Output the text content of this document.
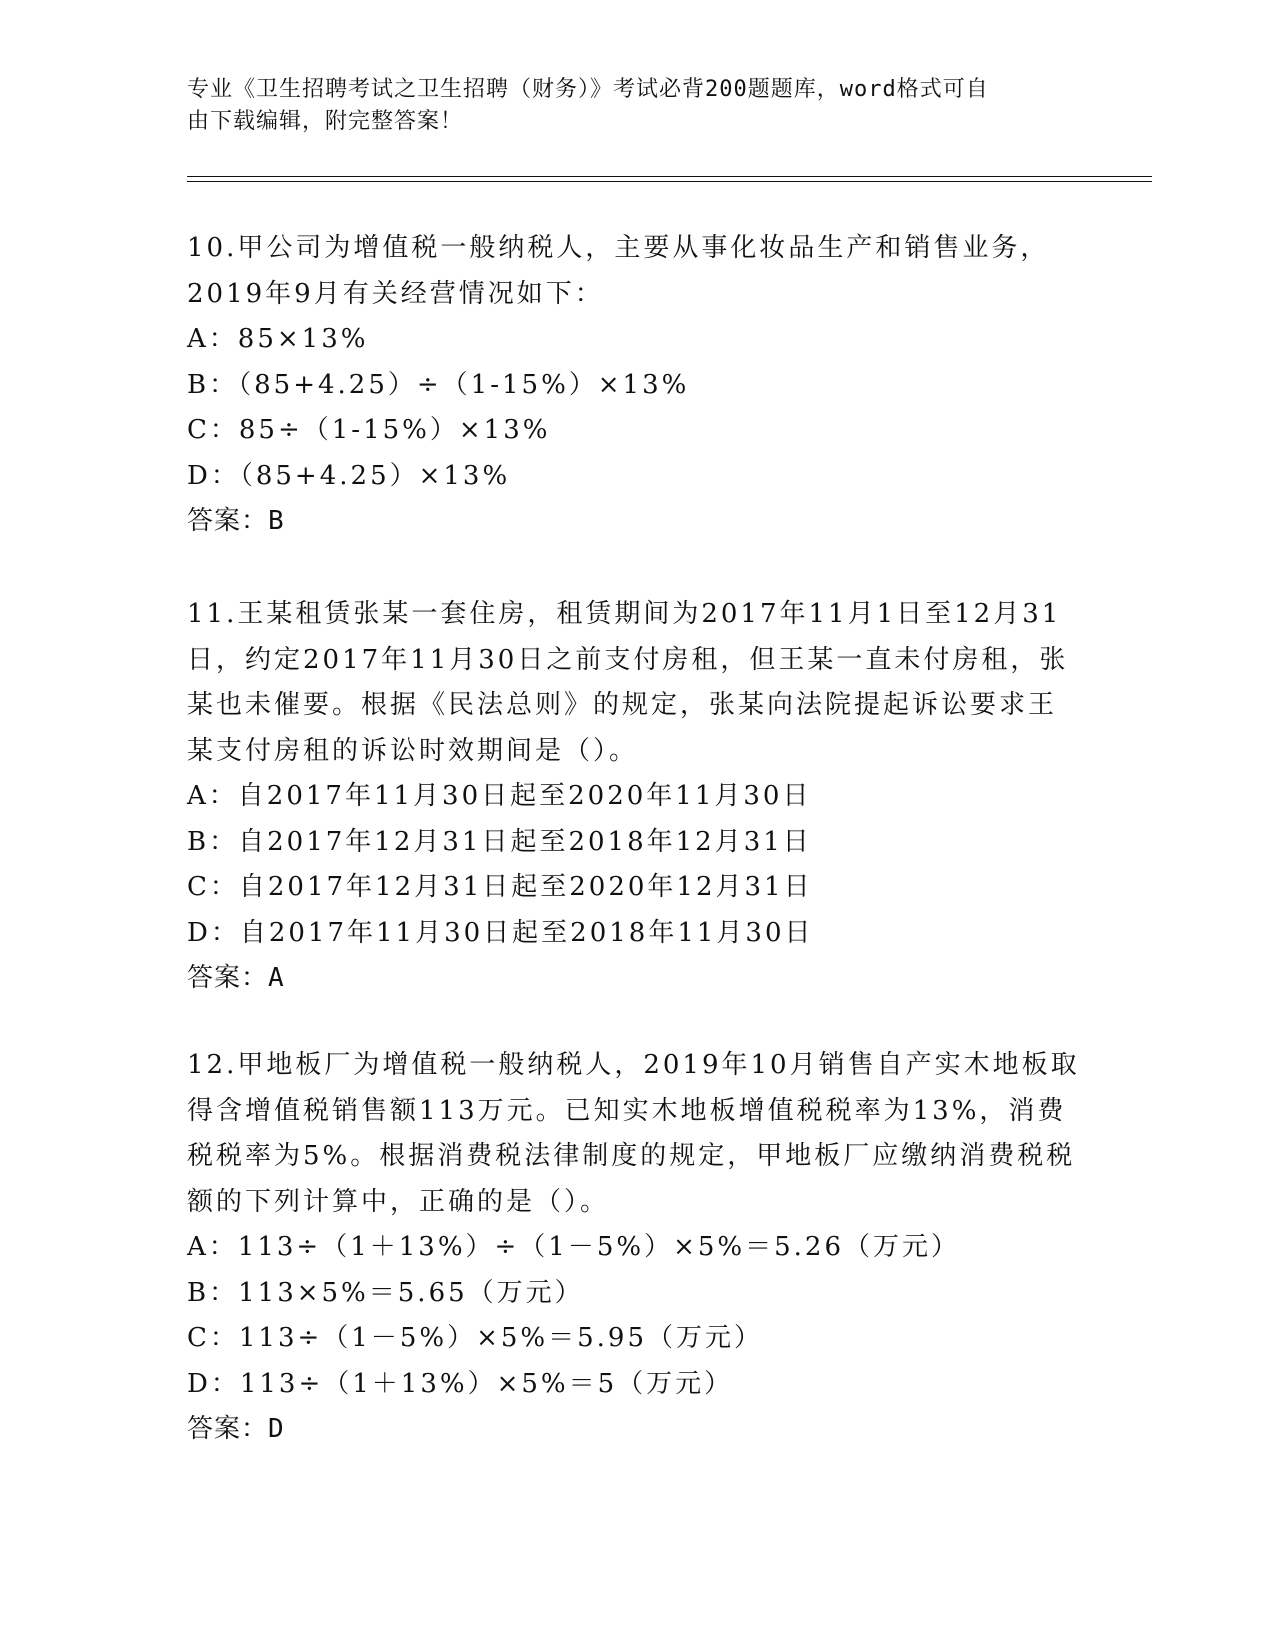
专业《卫生招聘考试之卫生招聘（财务）》考试必背200题题库，word格式可自
由下载编辑，附完整答案！
10.甲公司为增值税一般纳税人，主要从事化妆品生产和销售业务，
2019年9月有关经营情况如下：
A：85×13%
B：（85+4.25）÷（1-15%）×13%
C：85÷（1-15%）×13%
D：（85+4.25）×13%
答案：B
11.王某租赁张某一套住房，租赁期间为2017年11月1日至12月31
日，约定2017年11月30日之前支付房租，但王某一直未付房租，张
某也未催要。根据《民法总则》的规定，张某向法院提起诉讼要求王
某支付房租的诉讼时效期间是（）。
A：自2017年11月30日起至2020年11月30日
B：自2017年12月31日起至2018年12月31日
C：自2017年12月31日起至2020年12月31日
D：自2017年11月30日起至2018年11月30日
答案：A
12.甲地板厂为增值税一般纳税人，2019年10月销售自产实木地板取
得含增值税销售额113万元。已知实木地板增值税税率为13%，消费
税税率为5%。根据消费税法律制度的规定，甲地板厂应缴纳消费税税
额的下列计算中，正确的是（）。
A：113÷（1＋13%）÷（1－5%）×5%＝5.26（万元）
B：113×5%＝5.65（万元）
C：113÷（1－5%）×5%＝5.95（万元）
D：113÷（1＋13%）×5%＝5（万元）
答案：D
